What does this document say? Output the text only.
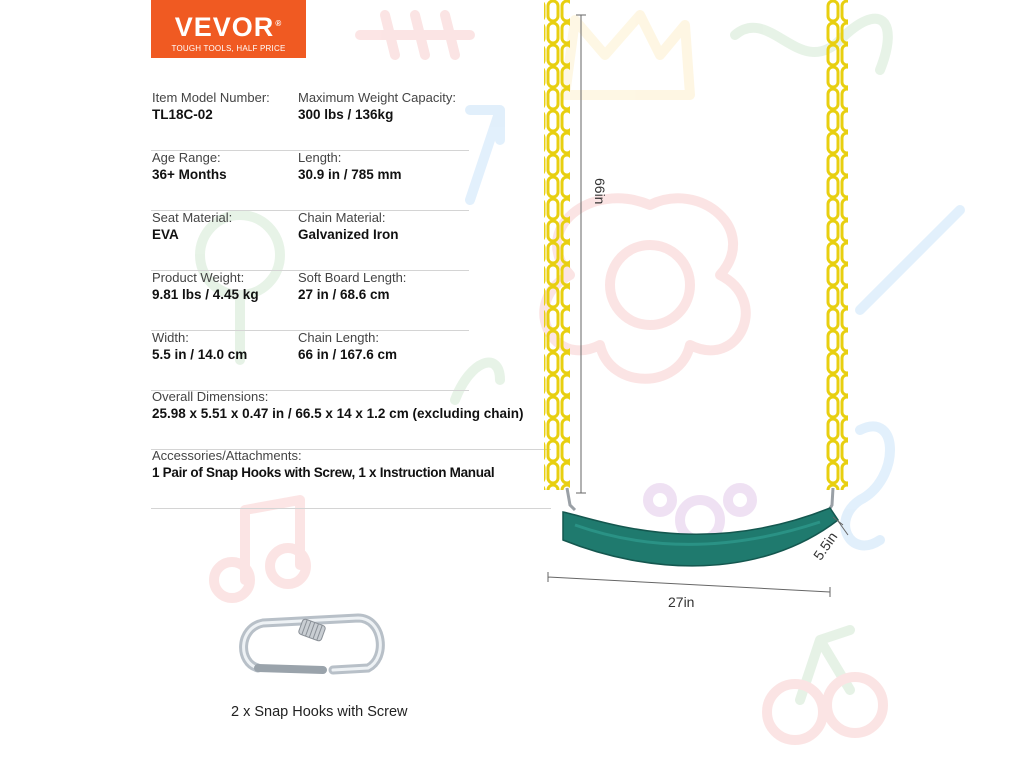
VEVOR®
TOUGH TOOLS, HALF PRICE
Item Model Number:
TL18C-02
Maximum Weight Capacity:
300 lbs / 136kg
Age Range:
36+ Months
Length:
30.9 in / 785 mm
Seat Material:
EVA
Chain Material:
Galvanized Iron
Product Weight:
9.81 lbs / 4.45 kg
Soft Board Length:
27 in / 68.6 cm
Width:
5.5 in / 14.0 cm
Chain Length:
66 in / 167.6 cm
Overall Dimensions:
25.98 x 5.51 x 0.47 in / 66.5 x 14 x 1.2 cm (excluding chain)
Accessories/Attachments:
1 Pair of Snap Hooks with Screw, 1 x Instruction Manual
66in
5.5in
27in
2 x Snap Hooks with Screw
